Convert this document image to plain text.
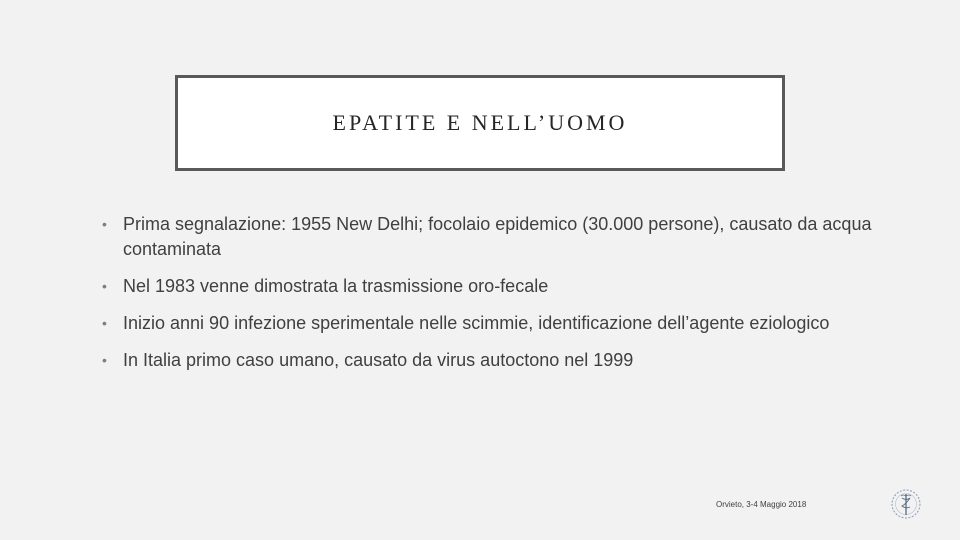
EPATITE E NELL’UOMO
• Prima segnalazione: 1955 New Delhi; focolaio epidemico (30.000 persone), causato da acqua contaminata
• Nel 1983 venne dimostrata la trasmissione oro-fecale
• Inizio anni 90 infezione sperimentale nelle scimmie, identificazione dell’agente eziologico
• In Italia primo caso umano, causato da virus autoctono nel 1999
Orvieto, 3-4 Maggio 2018
